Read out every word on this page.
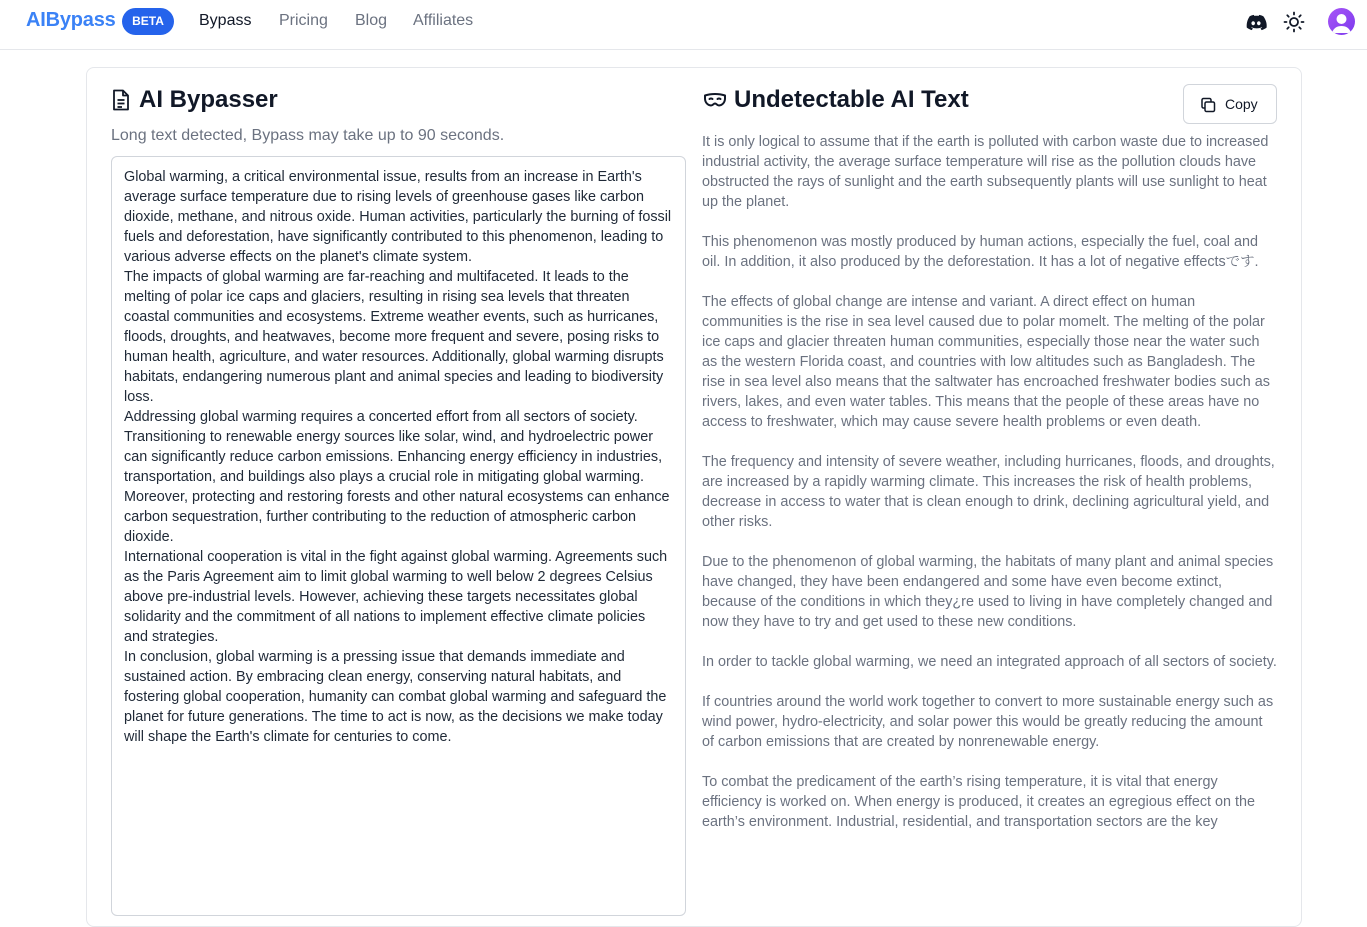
AIBypass	BETA	Bypass Pricing Blog Affiliates
AI Bypasser
Long text detected, Bypass may take up to 90 seconds.
Global warming, a critical environmental issue, results from an increase in Earth's average surface temperature due to rising levels of greenhouse gases like carbon dioxide, methane, and nitrous oxide. Human activities, particularly the burning of fossil fuels and deforestation, have significantly contributed to this phenomenon, leading to various adverse effects on the planet's climate system.
The impacts of global warming are far-reaching and multifaceted. It leads to the melting of polar ice caps and glaciers, resulting in rising sea levels that threaten coastal communities and ecosystems. Extreme weather events, such as hurricanes, floods, droughts, and heatwaves, become more frequent and severe, posing risks to human health, agriculture, and water resources. Additionally, global warming disrupts habitats, endangering numerous plant and animal species and leading to biodiversity loss.
Addressing global warming requires a concerted effort from all sectors of society. Transitioning to renewable energy sources like solar, wind, and hydroelectric power can significantly reduce carbon emissions. Enhancing energy efficiency in industries, transportation, and buildings also plays a crucial role in mitigating global warming. Moreover, protecting and restoring forests and other natural ecosystems can enhance carbon sequestration, further contributing to the reduction of atmospheric carbon dioxide.
International cooperation is vital in the fight against global warming. Agreements such as the Paris Agreement aim to limit global warming to well below 2 degrees Celsius above pre-industrial levels. However, achieving these targets necessitates global solidarity and the commitment of all nations to implement effective climate policies and strategies.
In conclusion, global warming is a pressing issue that demands immediate and sustained action. By embracing clean energy, conserving natural habitats, and fostering global cooperation, humanity can combat global warming and safeguard the planet for future generations. The time to act is now, as the decisions we make today will shape the Earth's climate for centuries to come.
Undetectable AI Text	Copy

It is only logical to assume that if the earth is polluted with carbon waste due to increased industrial activity, the average surface temperature will rise as the pollution clouds have obstructed the rays of sunlight and the earth subsequently plants will use sunlight to heat up the planet.

This phenomenon was mostly produced by human actions, especially the fuel, coal and oil. In addition, it also produced by the deforestation. It has a lot of negative effectsです.

The effects of global change are intense and variant. A direct effect on human communities is the rise in sea level caused due to polar momelt. The melting of the polar ice caps and glacier threaten human communities, especially those near the water such as the western Florida coast, and countries with low altitudes such as Bangladesh. The rise in sea level also means that the saltwater has encroached freshwater bodies such as rivers, lakes, and even water tables. This means that the people of these areas have no access to freshwater, which may cause severe health problems or even death.

The frequency and intensity of severe weather, including hurricanes, floods, and droughts, are increased by a rapidly warming climate. This increases the risk of health problems, decrease in access to water that is clean enough to drink, declining agricultural yield, and other risks.

Due to the phenomenon of global warming, the habitats of many plant and animal species have changed, they have been endangered and some have even become extinct, because of the conditions in which they¿re used to living in have completely changed and now they have to try and get used to these new conditions.

In order to tackle global warming, we need an integrated approach of all sectors of society.

If countries around the world work together to convert to more sustainable energy such as wind power, hydro-electricity, and solar power this would be greatly reducing the amount of carbon emissions that are created by nonrenewable energy.

To combat the predicament of the earth’s rising temperature, it is vital that energy efficiency is worked on. When energy is produced, it creates an egregious effect on the earth’s environment. Industrial, residential, and transportation sectors are the key
